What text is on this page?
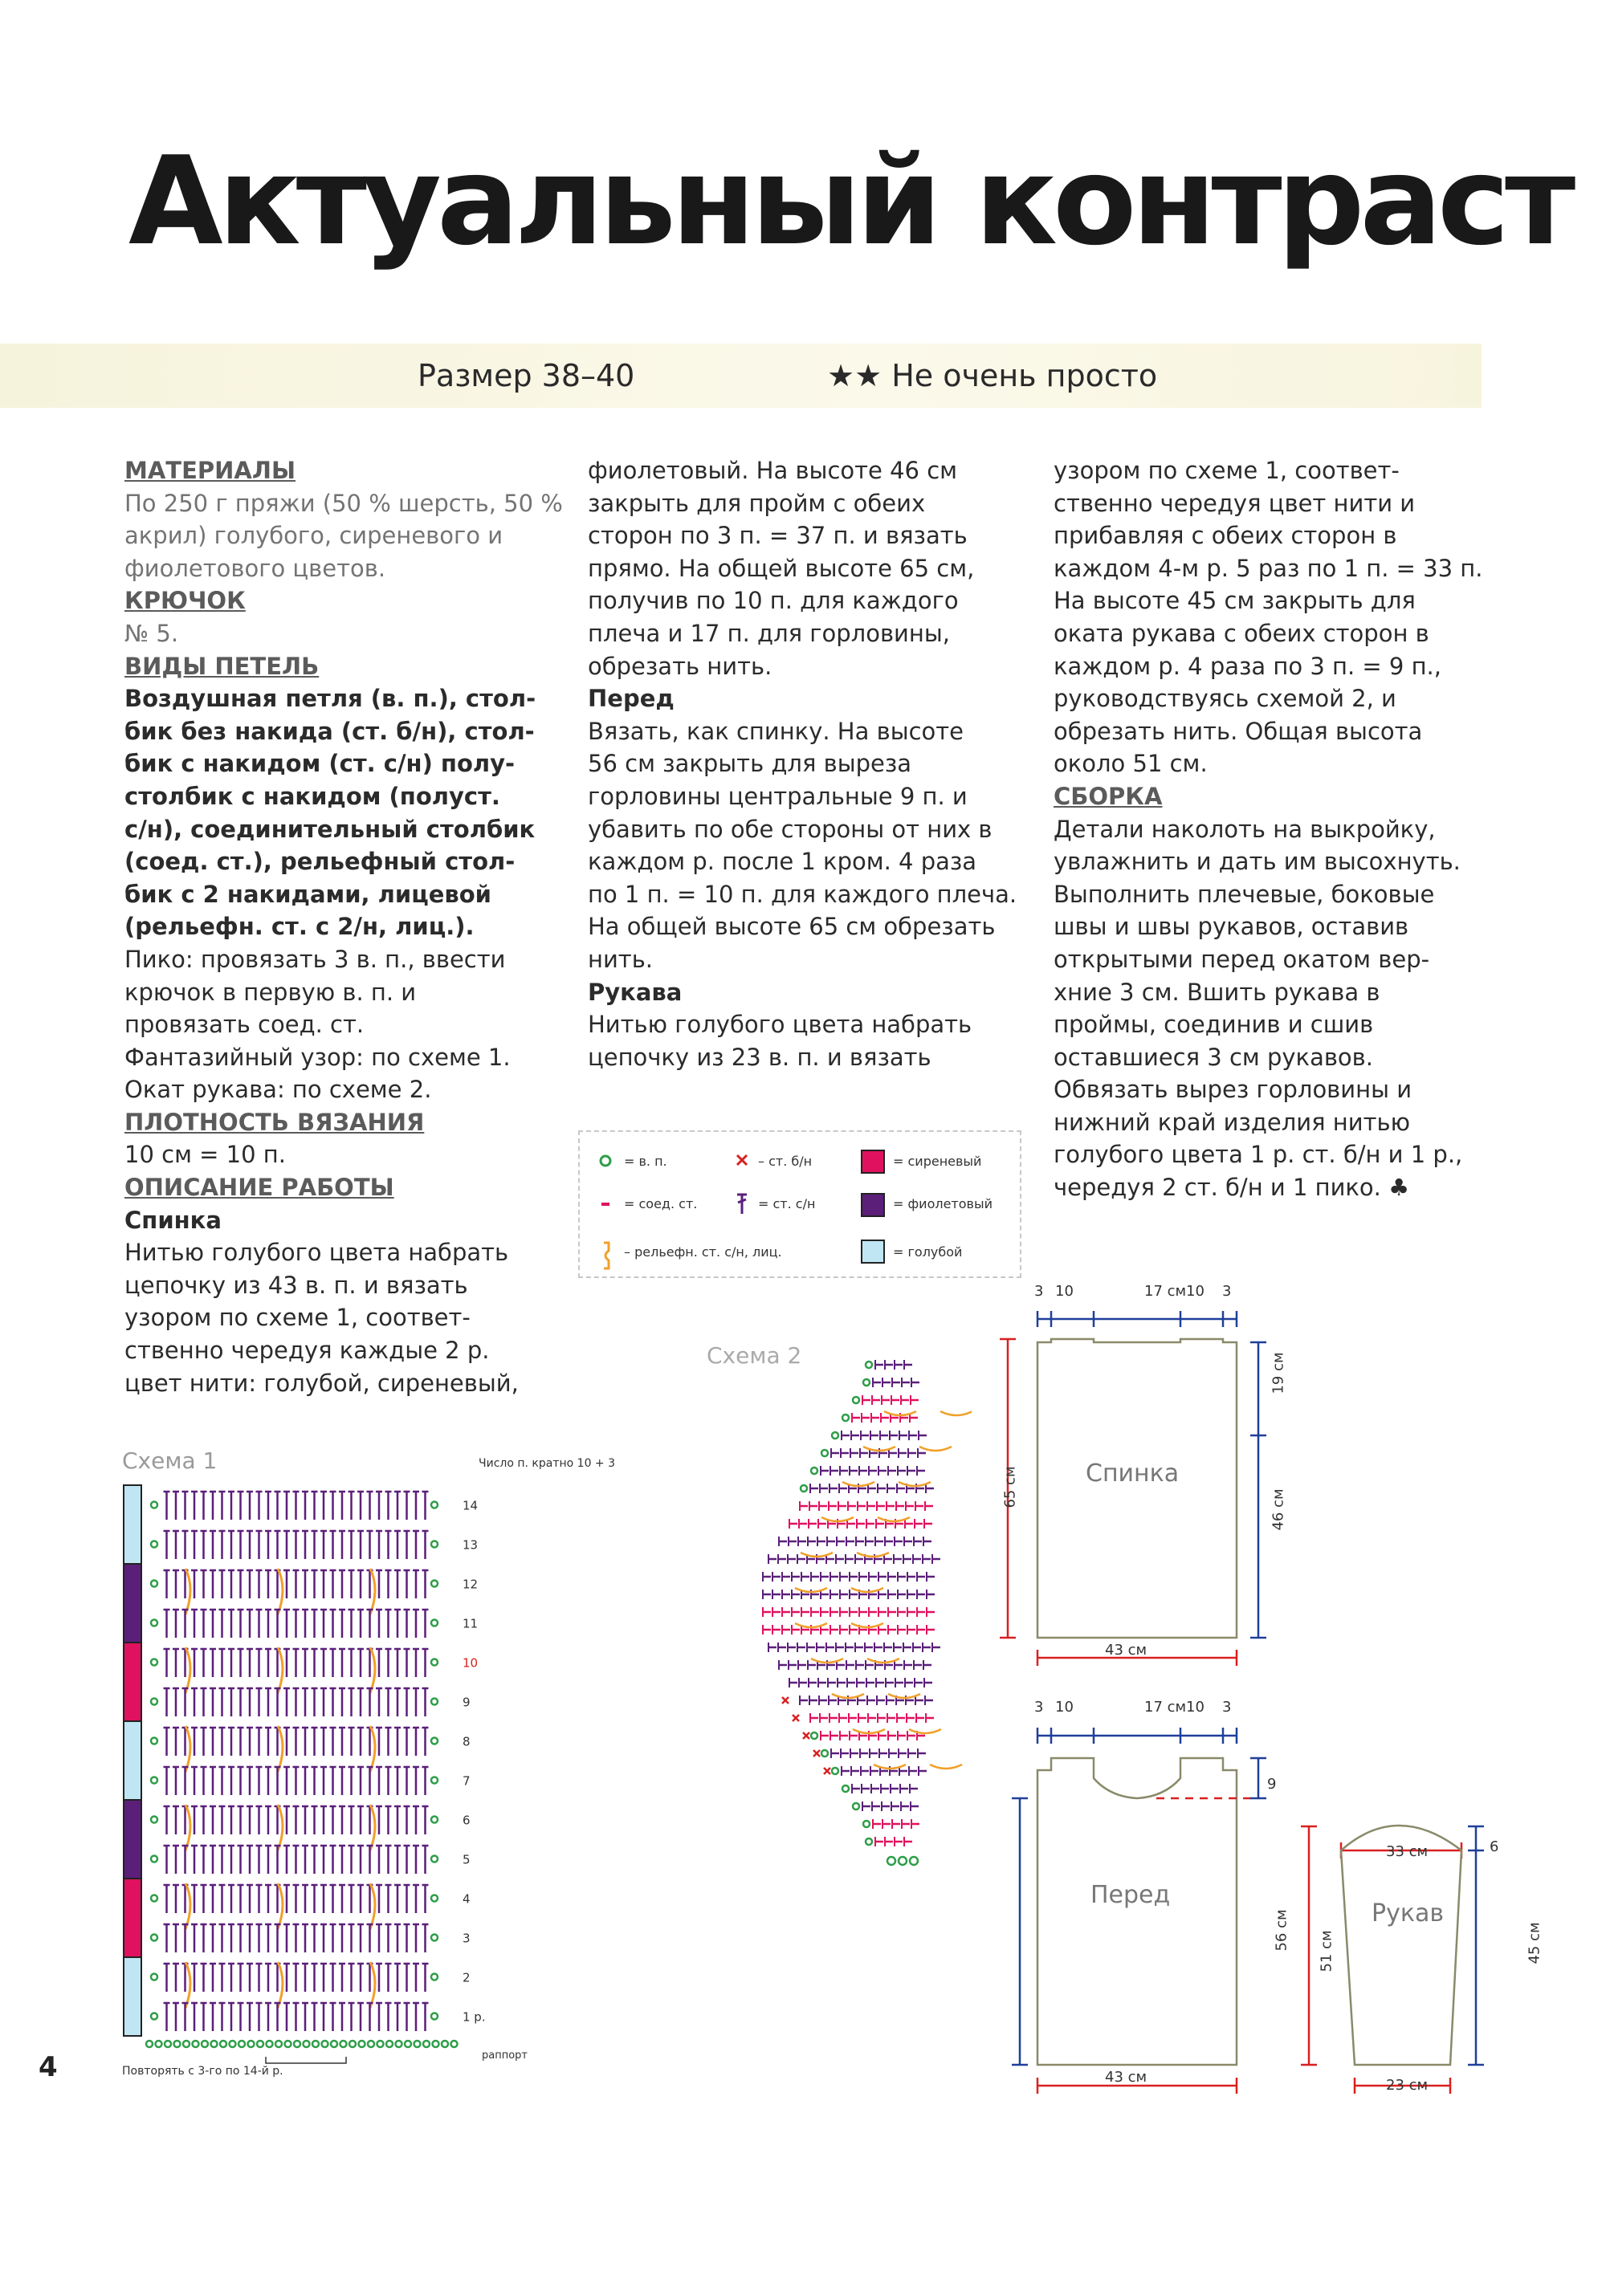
Актуальный контраст
Размер 38–40	★★ Не очень просто

МАТЕРИАЛЫ

По 250 г пряжи (50 % шерсть, 50 %

акрил) голубого, сиреневого и

фиолетового цветов.

КРЮЧОК

№ 5.

ВИДЫ ПЕТЕЛЬ

Воздушная петля (в. п.), стол-

бик без накида (ст. б/н), стол-

бик с накидом (ст. с/н) полу-

столбик с накидом (полуст.

с/н), соединительный столбик

(соед. ст.), рельефный стол-

бик с 2 накидами, лицевой

(рельефн. ст. с 2/н, лиц.).

Пико: провязать 3 в. п., ввести

крючок в первую в. п. и

провязать соед. ст.

Фантазийный узор: по схеме 1.

Окат рукава: по схеме 2.

ПЛОТНОСТЬ ВЯЗАНИЯ

10 см = 10 п.

ОПИСАНИЕ РАБОТЫ

Спинка

Нитью голубого цвета набрать

цепочку из 43 в. п. и вязать

узором по схеме 1, соответ-

ственно чередуя каждые 2 р.

цвет нити: голубой, сиреневый,

фиолетовый. На высоте 46 см

закрыть для пройм с обеих

сторон по 3 п. = 37 п. и вязать

прямо. На общей высоте 65 см,

получив по 10 п. для каждого

плеча и 17 п. для горловины,

обрезать нить.

Перед

Вязать, как спинку. На высоте

56 см закрыть для выреза

горловины центральные 9 п. и

убавить по обе стороны от них в

каждом р. после 1 кром. 4 раза

по 1 п. = 10 п. для каждого плеча.

На общей высоте 65 см обрезать

нить.

Рукава

Нитью голубого цвета набрать

цепочку из 23 в. п. и вязать

узором по схеме 1, соответ-

ственно чередуя цвет нити и

прибавляя с обеих сторон в

каждом 4-м р. 5 раз по 1 п. = 33 п.

На высоте 45 см закрыть для

оката рукава с обеих сторон в

каждом р. 4 раза по 3 п. = 9 п.,

руководствуясь схемой 2, и

обрезать нить. Общая высота

около 51 см.

СБОРКА

Детали наколоть на выкройку,

увлажнить и дать им высохнуть.

Выполнить плечевые, боковые

швы и швы рукавов, оставив

открытыми перед окатом вер-

хние 3 см. Вшить рукава в

проймы, соединив и сшив

оставшиеся 3 см рукавов.

Обвязать вырез горловины и

нижний край изделия нитью

голубого цвета 1 р. ст. б/н и 1 р.,

чередуя 2 ст. б/н и 1 пико. ♣

= в. п.	– ст. б/н	= сиреневый
= соед. ст.	= ст. с/н	= фиолетовый
– рельефн. ст. с/н, лиц.	= голубой
Схема 1	Число п. кратно 10 + 3
14
13
12
11
10
9
8
7
6
5
4
3
2
1 р.
Повторять с 3-го по 14-й р.
раппорт
Схема 2
Спинка
Перед
Рукав
3 10	17 см 10 3
43 см
65 см
19 см
46 см
3 10	17 см 10 3
43 см
9
56 см
33 см
23 см
51 см
6
45 см
4
